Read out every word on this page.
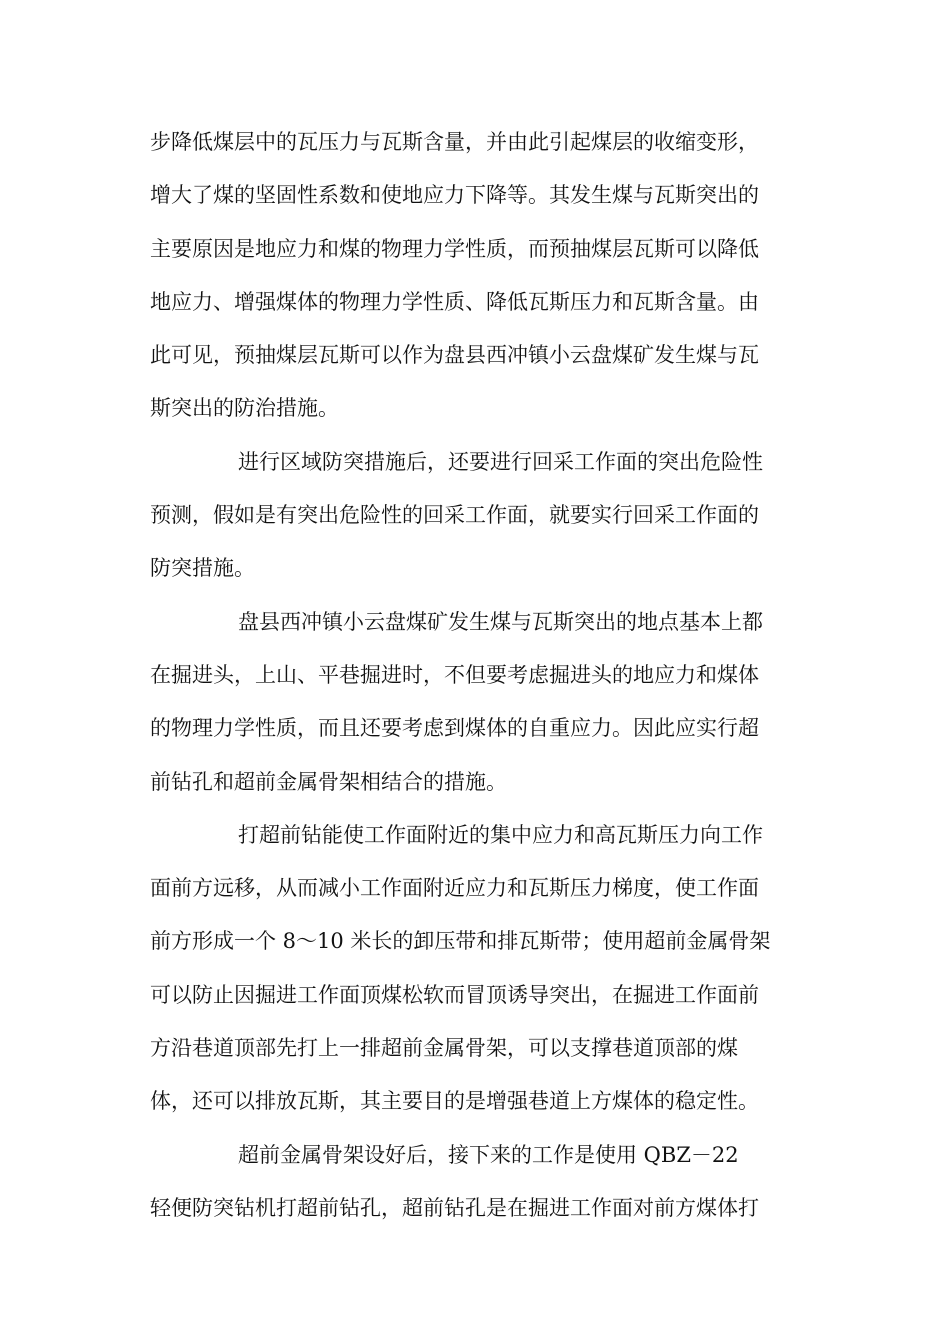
步降低煤层中的瓦压力与瓦斯含量，并由此引起煤层的收缩变形，
增大了煤的坚固性系数和使地应力下降等。其发生煤与瓦斯突出的
主要原因是地应力和煤的物理力学性质，而预抽煤层瓦斯可以降低
地应力、增强煤体的物理力学性质、降低瓦斯压力和瓦斯含量。由
此可见，预抽煤层瓦斯可以作为盘县西冲镇小云盘煤矿发生煤与瓦
斯突出的防治措施。
进行区域防突措施后，还要进行回采工作面的突出危险性
预测，假如是有突出危险性的回采工作面，就要实行回采工作面的
防突措施。
盘县西冲镇小云盘煤矿发生煤与瓦斯突出的地点基本上都
在掘进头，上山、平巷掘进时，不但要考虑掘进头的地应力和煤体
的物理力学性质，而且还要考虑到煤体的自重应力。因此应实行超
前钻孔和超前金属骨架相结合的措施。
打超前钻能使工作面附近的集中应力和高瓦斯压力向工作
面前方远移，从而减小工作面附近应力和瓦斯压力梯度，使工作面
前方形成一个 8～10 米长的卸压带和排瓦斯带；使用超前金属骨架
可以防止因掘进工作面顶煤松软而冒顶诱导突出，在掘进工作面前
方沿巷道顶部先打上一排超前金属骨架，可以支撑巷道顶部的煤
体，还可以排放瓦斯，其主要目的是增强巷道上方煤体的稳定性。
超前金属骨架设好后，接下来的工作是使用 QBZ－22
轻便防突钻机打超前钻孔，超前钻孔是在掘进工作面对前方煤体打
